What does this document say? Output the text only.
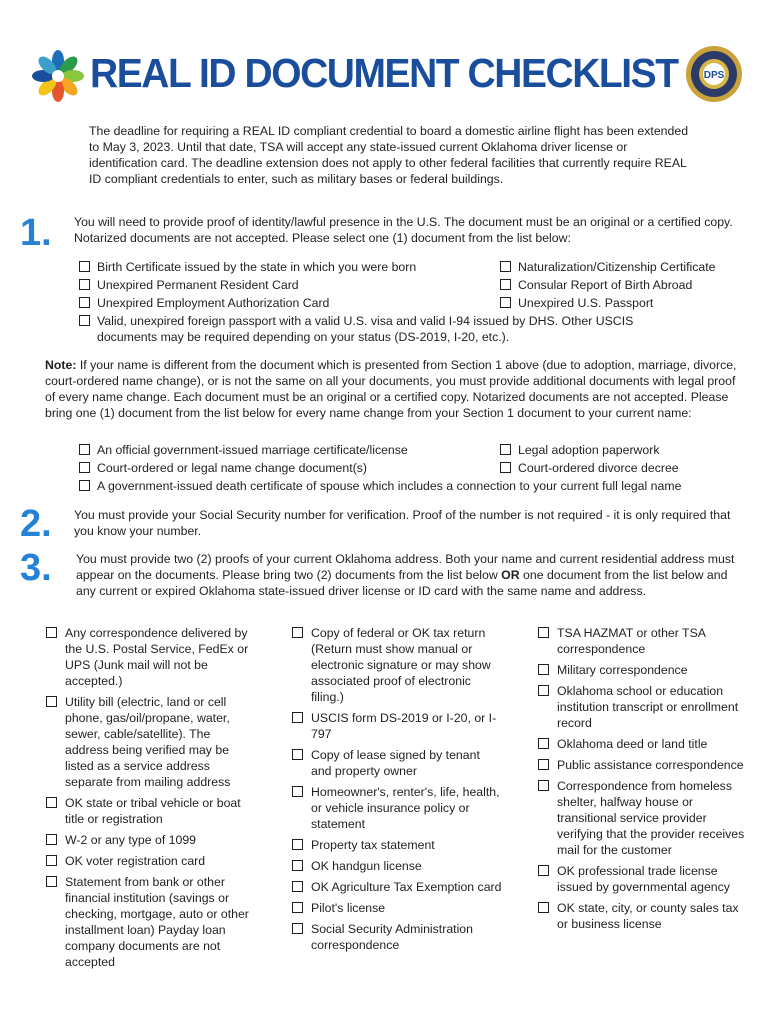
REAL ID DOCUMENT CHECKLIST	DPS
The deadline for requiring a REAL ID compliant credential to board a domestic airline flight has been extended to May 3, 2023. Until that date, TSA will accept any state-issued current Oklahoma driver license or identification card. The deadline extension does not apply to other federal facilities that currently require REAL ID compliant credentials to enter, such as military bases or federal buildings.
1. You will need to provide proof of identity/lawful presence in the U.S. The document must be an original or a certified copy. Notarized documents are not accepted. Please select one (1) document from the list below:
Birth Certificate issued by the state in which you were born	Naturalization/Citizenship Certificate
Unexpired Permanent Resident Card	Consular Report of Birth Abroad
Unexpired Employment Authorization Card	Unexpired U.S. Passport
Valid, unexpired foreign passport with a valid U.S. visa and valid I-94 issued by DHS. Other USCIS documents may be required depending on your status (DS-2019, I-20, etc.).
Note: If your name is different from the document which is presented from Section 1 above (due to adoption, marriage, divorce, court-ordered name change), or is not the same on all your documents, you must provide additional documents with legal proof of every name change. Each document must be an original or a certified copy. Notarized documents are not accepted. Please bring one (1) document from the list below for every name change from your Section 1 document to your current name:
An official government-issued marriage certificate/license	Legal adoption paperwork
Court-ordered or legal name change document(s)	Court-ordered divorce decree
A government-issued death certificate of spouse which includes a connection to your current full legal name
2. You must provide your Social Security number for verification. Proof of the number is not required - it is only required that you know your number.
3. You must provide two (2) proofs of your current Oklahoma address. Both your name and current residential address must appear on the documents. Please bring two (2) documents from the list below OR one document from the list below and any current or expired Oklahoma state-issued driver license or ID card with the same name and address.
Any correspondence delivered by the U.S. Postal Service, FedEx or UPS (Junk mail will not be accepted.)
Utility bill (electric, land or cell phone, gas/oil/propane, water, sewer, cable/satellite). The address being verified may be listed as a service address separate from mailing address
OK state or tribal vehicle or boat title or registration
W-2 or any type of 1099
OK voter registration card
Statement from bank or other financial institution (savings or checking, mortgage, auto or other installment loan) Payday loan company documents are not accepted
Copy of federal or OK tax return (Return must show manual or electronic signature or may show associated proof of electronic filing.)
USCIS form DS-2019 or I-20, or I-797
Copy of lease signed by tenant and property owner
Homeowner's, renter's, life, health, or vehicle insurance policy or statement
Property tax statement
OK handgun license
OK Agriculture Tax Exemption card
Pilot's license
Social Security Administration correspondence
TSA HAZMAT or other TSA correspondence
Military correspondence
Oklahoma school or education institution transcript or enrollment record
Oklahoma deed or land title
Public assistance correspondence
Correspondence from homeless shelter, halfway house or transitional service provider verifying that the provider receives mail for the customer
OK professional trade license issued by governmental agency
OK state, city, or county sales tax or business license
